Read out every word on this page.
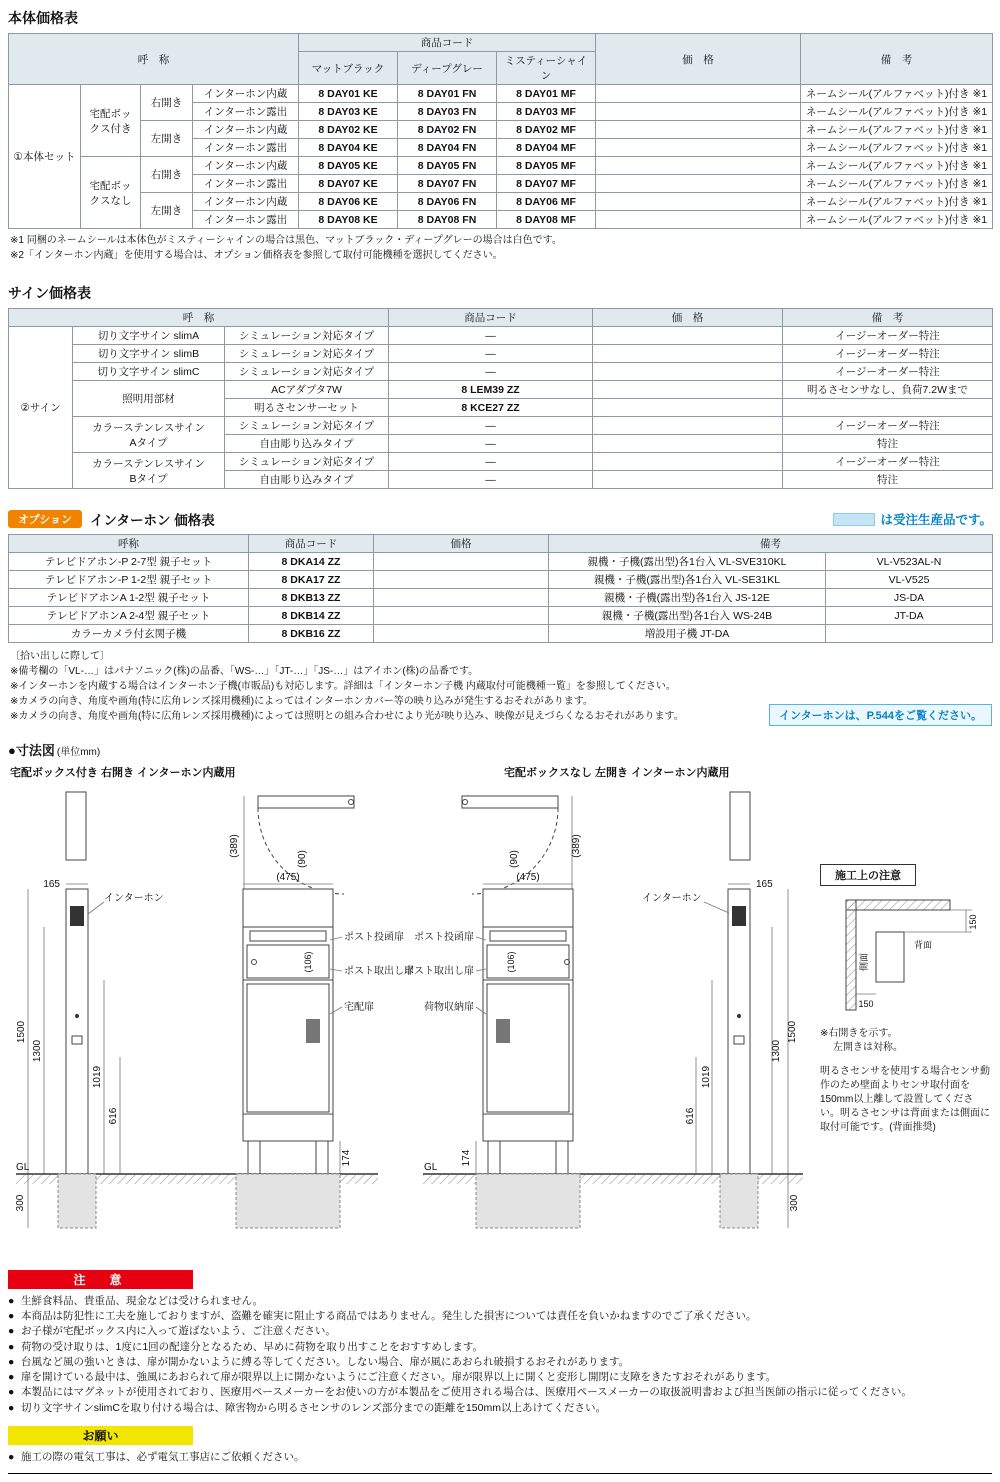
本体価格表
呼　称				商品コード			価　格	備　考
				マットブラック	ディープグレー	ミスティーシャイン		
①本体セット	宅配ボックス付き	右開き	インターホン内蔵	8 DAY01 KE	8 DAY01 FN	8 DAY01 MF		ネームシール(アルファベット)付き ※1
			インターホン露出	8 DAY03 KE	8 DAY03 FN	8 DAY03 MF		ネームシール(アルファベット)付き ※1
		左開き	インターホン内蔵	8 DAY02 KE	8 DAY02 FN	8 DAY02 MF		ネームシール(アルファベット)付き ※1
			インターホン露出	8 DAY04 KE	8 DAY04 FN	8 DAY04 MF		ネームシール(アルファベット)付き ※1
	宅配ボックスなし	右開き	インターホン内蔵	8 DAY05 KE	8 DAY05 FN	8 DAY05 MF		ネームシール(アルファベット)付き ※1
			インターホン露出	8 DAY07 KE	8 DAY07 FN	8 DAY07 MF		ネームシール(アルファベット)付き ※1
		左開き	インターホン内蔵	8 DAY06 KE	8 DAY06 FN	8 DAY06 MF		ネームシール(アルファベット)付き ※1
			インターホン露出	8 DAY08 KE	8 DAY08 FN	8 DAY08 MF		ネームシール(アルファベット)付き ※1
※1 同梱のネームシールは本体色がミスティーシャインの場合は黒色、マットブラック・ディープグレーの場合は白色です。
※2「インターホン内蔵」を使用する場合は、オプション価格表を参照して取付可能機種を選択してください。
サイン価格表
呼　称			商品コード	価　格	備　考
②サイン	切り文字サイン slimA	シミュレーション対応タイプ	—		イージーオーダー特注
	切り文字サイン slimB	シミュレーション対応タイプ	—		イージーオーダー特注
	切り文字サイン slimC	シミュレーション対応タイプ	—		イージーオーダー特注
	照明用部材	ACアダプタ7W	8 LEM39 ZZ		明るさセンサなし、負荷7.2Wまで
		明るさセンサーセット	8 KCE27 ZZ		
	カラーステンレスサイン
Aタイプ	シミュレーション対応タイプ	—		イージーオーダー特注
		自由彫り込みタイプ	—		特注
	カラーステンレスサイン
Bタイプ	シミュレーション対応タイプ	—		イージーオーダー特注
		自由彫り込みタイプ	—		特注
オプション	インターホン 価格表	は受注生産品です。
呼称	商品コード	価格	備考	
テレビドアホン-P 2-7型 親子セット	8 DKA14 ZZ		親機・子機(露出型)各1台入 VL-SVE310KL	VL-V523AL-N
テレビドアホン-P 1-2型 親子セット	8 DKA17 ZZ		親機・子機(露出型)各1台入 VL-SE31KL	VL-V525
テレビドアホンA 1-2型 親子セット	8 DKB13 ZZ		親機・子機(露出型)各1台入 JS-12E	JS-DA
テレビドアホンA 2-4型 親子セット	8 DKB14 ZZ		親機・子機(露出型)各1台入 WS-24B	JT-DA
カラーカメラ付玄関子機	8 DKB16 ZZ		増設用子機 JT-DA	
〔拾い出しに際して〕
※備考欄の「VL-…」はパナソニック(株)の品番、「WS-…」「JT-…」「JS-…」はアイホン(株)の品番です。
※インターホンを内蔵する場合はインターホン子機(市販品)も対応します。詳細は「インターホン子機 内蔵取付可能機種一覧」を参照してください。
※カメラの向き、角度や画角(特に広角レンズ採用機種)によってはインターホンカバー等の映り込みが発生するおそれがあります。
※カメラの向き、角度や画角(特に広角レンズ採用機種)によっては照明との組み合わせにより光が映り込み、映像が見えづらくなるおそれがあります。	インターホンは、P.544をご覧ください。
●寸法図 (単位mm)
宅配ボックス付き 右開き インターホン内蔵用	宅配ボックスなし 左開き インターホン内蔵用
165
インターホン
1500
1300
1019
616
(475)
(389)
(90)
(106)
ポスト投函扉
ポスト取出し扉
宅配扉
174
GL
300
165
インターホン
1500
1300
1019
616
(475)
(389)
(90)
(106)
ポスト投函扉
ポスト取出し扉
荷物収納扉
174
GL
300
施工上の注意
背面
側面
150
150
※右開きを示す。
左開きは対称。
明るさセンサを使用する場合センサ動作のため壁面よりセンサ取付面を150mm以上離して設置してください。明るさセンサは背面または側面に取付可能です。(背面推奨)
注　意
● 生鮮食料品、貴重品、現金などは受けられません。
● 本商品は防犯性に工夫を施しておりますが、盗難を確実に阻止する商品ではありません。発生した損害については責任を負いかねますのでご了承ください。
● お子様が宅配ボックス内に入って遊ばないよう、ご注意ください。
● 荷物の受け取りは、1度に1回の配達分となるため、早めに荷物を取り出すことをおすすめします。
● 台風など風の強いときは、扉が開かないように縛る等してください。しない場合、扉が風にあおられ破損するおそれがあります。
● 扉を開けている最中は、強風にあおられて扉が限界以上に開かないようにご注意ください。扉が限界以上に開くと変形し開閉に支障をきたすおそれがあります。
● 本製品にはマグネットが使用されており、医療用ペースメーカーをお使いの方が本製品をご使用される場合は、医療用ペースメーカーの取扱説明書および担当医師の指示に従ってください。
● 切り文字サインslimCを取り付ける場合は、障害物から明るさセンサのレンズ部分までの距離を150mm以上あけてください。
お願い
● 施工の際の電気工事は、必ず電気工事店にご依頼ください。
